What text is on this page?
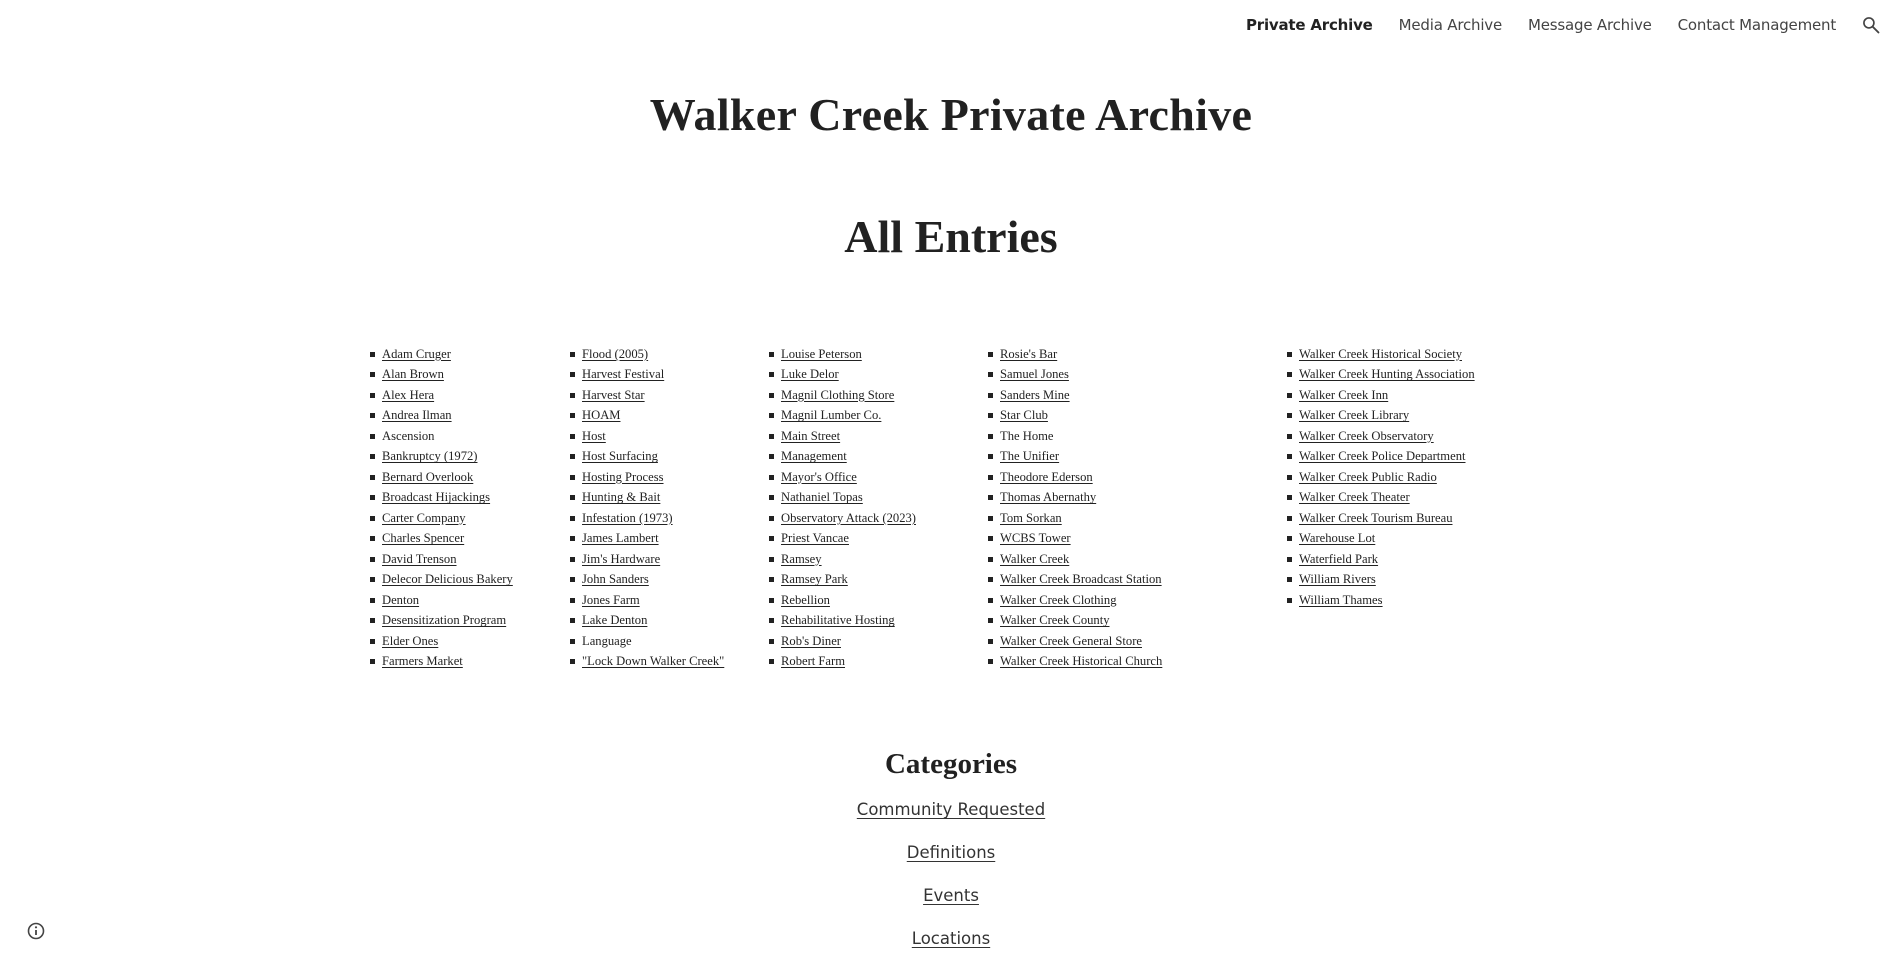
Private Archive Media Archive Message Archive Contact Management
Walker Creek Private Archive
All Entries
Adam Cruger
Alan Brown
Alex Hera
Andrea Ilman
Ascension
Bankruptcy (1972)
Bernard Overlook
Broadcast Hijackings
Carter Company
Charles Spencer
David Trenson
Delecor Delicious Bakery
Denton
Desensitization Program
Elder Ones
Farmers Market
Flood (2005)
Harvest Festival
Harvest Star
HOAM
Host
Host Surfacing
Hosting Process
Hunting & Bait
Infestation (1973)
James Lambert
Jim's Hardware
John Sanders
Jones Farm
Lake Denton
Language
"Lock Down Walker Creek"
Louise Peterson
Luke Delor
Magnil Clothing Store
Magnil Lumber Co.
Main Street
Management
Mayor's Office
Nathaniel Topas
Observatory Attack (2023)
Priest Vancae
Ramsey
Ramsey Park
Rebellion
Rehabilitative Hosting
Rob's Diner
Robert Farm
Rosie's Bar
Samuel Jones
Sanders Mine
Star Club
The Home
The Unifier
Theodore Ederson
Thomas Abernathy
Tom Sorkan
WCBS Tower
Walker Creek
Walker Creek Broadcast Station
Walker Creek Clothing
Walker Creek County
Walker Creek General Store
Walker Creek Historical Church
Walker Creek Historical Society
Walker Creek Hunting Association
Walker Creek Inn
Walker Creek Library
Walker Creek Observatory
Walker Creek Police Department
Walker Creek Public Radio
Walker Creek Theater
Walker Creek Tourism Bureau
Warehouse Lot
Waterfield Park
William Rivers
William Thames
Categories
Community Requested
Definitions
Events
Locations
